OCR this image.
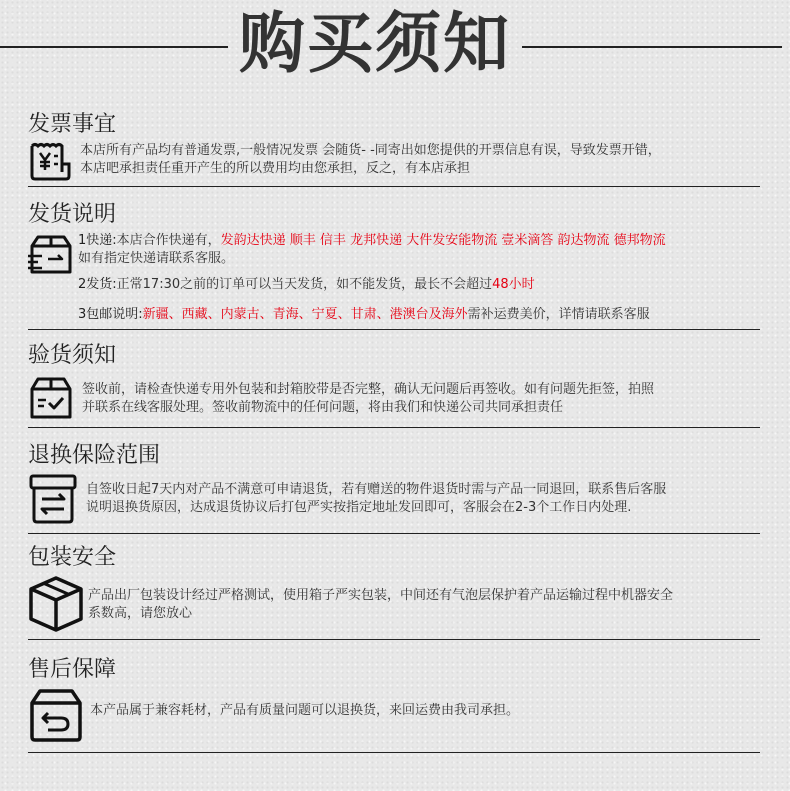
购买须知
发票事宜
本店所有产品均有普通发票,一般情况发票 会随货- -同寄出如您提供的开票信息有误，导致发票开错，
本店吧承担责任重开产生的所以费用均由您承担，反之，有本店承担
发货说明
1快递:本店合作快递有，发韵达快递 顺丰 信丰 龙邦快递 大件发安能物流 壹米滴答 韵达物流 德邦物流
如有指定快递请联系客服。
2发货:正常17:30之前的订单可以当天发货，如不能发货，最长不会超过48小时
3包邮说明:新疆、西藏、内蒙古、青海、宁夏、甘肃、港澳台及海外需补运费美价，详情请联系客服
验货须知
签收前，请检查快递专用外包装和封箱胶带是否完整，确认无问题后再签收。如有问题先拒签，拍照
并联系在线客服处理。签收前物流中的任何问题，将由我们和快递公司共同承担责任
退换保险范围
自签收日起7天内对产品不满意可申请退货，若有赠送的物件退货时需与产品一同退回，联系售后客服
说明退换货原因，达成退货协议后打包严实按指定地址发回即可，客服会在2-3个工作日内处理.
包装安全
产品出厂包装设计经过严格测试，使用箱子严实包装，中间还有气泡层保护着产品运输过程中机器安全
系数高，请您放心
售后保障
本产品属于兼容耗材，产品有质量问题可以退换货，来回运费由我司承担。
